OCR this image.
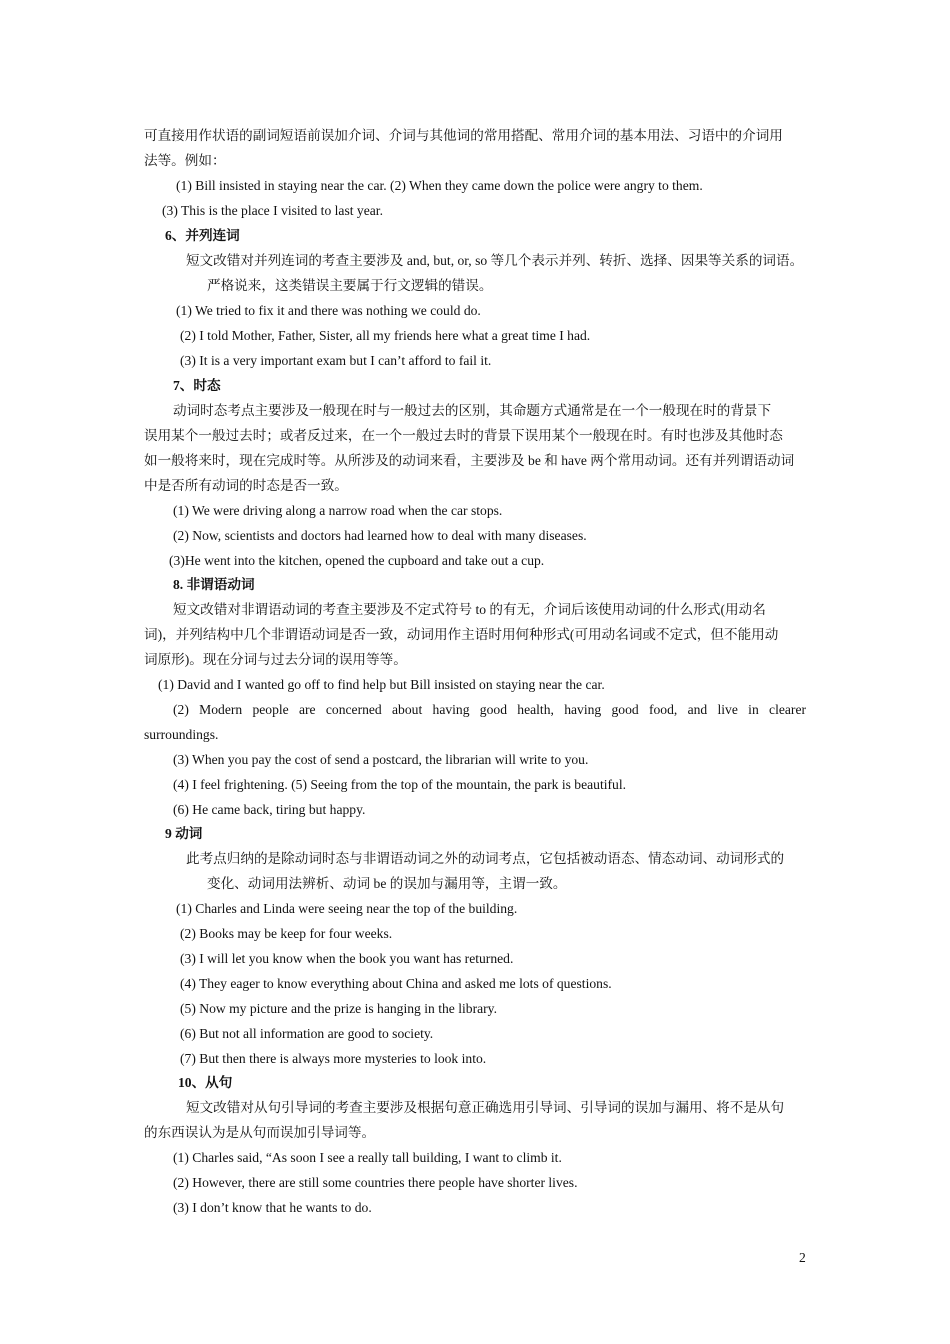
可直接用作状语的副词短语前误加介词、介词与其他词的常用搭配、常用介词的基本用法、习语中的介词用
法等。例如：
(1) Bill insisted in staying near the car. (2) When they came down the police were angry to them.
(3) This is the place I visited to last year.
6、并列连词
短文改错对并列连词的考查主要涉及 and, but, or, so 等几个表示并列、转折、选择、因果等关系的词语。
严格说来，这类错误主要属于行文逻辑的错误。
(1) We tried to fix it and there was nothing we could do.
(2) I told Mother, Father, Sister, all my friends here what a great time I had.
(3) It is a very important exam but I can’t afford to fail it.
7、时态
动词时态考点主要涉及一般现在时与一般过去的区别，其命题方式通常是在一个一般现在时的背景下
误用某个一般过去时；或者反过来，在一个一般过去时的背景下误用某个一般现在时。有时也涉及其他时态
如一般将来时，现在完成时等。从所涉及的动词来看，主要涉及 be 和 have 两个常用动词。还有并列谓语动词
中是否所有动词的时态是否一致。
(1) We were driving along a narrow road when the car stops.
(2) Now, scientists and doctors had learned how to deal with many diseases.
(3)He went into the kitchen, opened the cupboard and take out a cup.
8. 非谓语动词
短文改错对非谓语动词的考查主要涉及不定式符号 to 的有无，介词后该使用动词的什么形式(用动名
词)，并列结构中几个非谓语动词是否一致，动词用作主语时用何种形式(可用动名词或不定式，但不能用动
词原形)。现在分词与过去分词的误用等等。
(1) David and I wanted go off to find help but Bill insisted on staying near the car.
(2) Modern people are concerned about having good health, having good food, and live in clearer
surroundings.
(3) When you pay the cost of send a postcard, the librarian will write to you.
(4) I feel frightening. (5) Seeing from the top of the mountain, the park is beautiful.
(6) He came back, tiring but happy.
9 动词
此考点归纳的是除动词时态与非谓语动词之外的动词考点，它包括被动语态、情态动词、动词形式的
变化、动词用法辨析、动词 be 的误加与漏用等，主谓一致。
(1) Charles and Linda were seeing near the top of the building.
(2) Books may be keep for four weeks.
(3) I will let you know when the book you want has returned.
(4) They eager to know everything about China and asked me lots of questions.
(5) Now my picture and the prize is hanging in the library.
(6) But not all information are good to society.
(7) But then there is always more mysteries to look into.
10、从句
短文改错对从句引导词的考查主要涉及根据句意正确选用引导词、引导词的误加与漏用、将不是从句
的东西误认为是从句而误加引导词等。
(1) Charles said, “As soon I see a really tall building, I want to climb it.
(2) However, there are still some countries there people have shorter lives.
(3) I don’t know that he wants to do.
2
